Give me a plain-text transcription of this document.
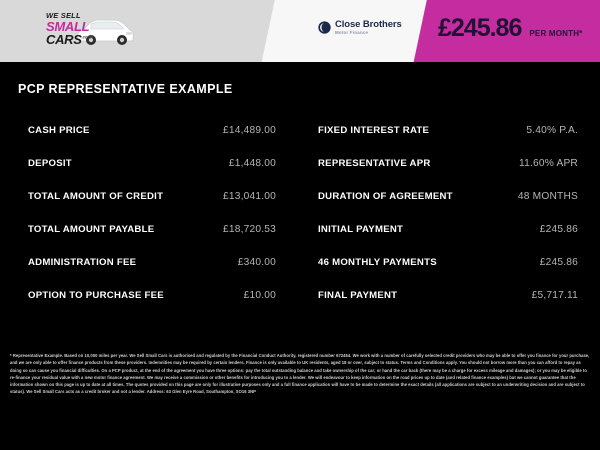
WE SELL
SMALL
$CARS^{.co.uk}$
Close Brothers
Motor Finance	£245.86 PER MONTH*
PCP REPRESENTATIVE EXAMPLE
CASH PRICE	£14,489.00	FIXED INTEREST RATE	5.40% P.A.
DEPOSIT	£1,448.00	REPRESENTATIVE APR	11.60% APR
TOTAL AMOUNT OF CREDIT	£13,041.00	DURATION OF AGREEMENT	48 MONTHS
TOTAL AMOUNT PAYABLE	£18,720.53	INITIAL PAYMENT	£245.86
ADMINISTRATION FEE	£340.00	46 MONTHLY PAYMENTS	£245.86
OPTION TO PURCHASE FEE	£10.00	FINAL PAYMENT	£5,717.11
* Representative Example. Based on 10,000 miles per year. We Sell Small Cars is authorised and regulated by the Financial Conduct Authority, registered number 672464. We work with a number of carefully selected credit providers who may be able to offer you finance for your purchase, and we are only able to offer finance products from these providers. Indemnities may be required by certain lenders. Finance is only available to UK residents, aged 18 or over, subject to status. Terms and Conditions apply. You should not borrow more than you can afford to repay as doing so can cause you financial difficulties. On a PCP product, at the end of the agreement you have three options: pay the total outstanding balance and take ownership of the car; or hand the car back (there may be a charge for excess mileage and damages); or you may be eligible to re-finance your residual value with a new motor finance agreement. We may receive a commission or other benefits for introducing you to a lender. We will endeavour to keep information on the road prices up to date (and related finance examples) but we cannot guarantee that the information shown on this page is up to date at all times. The quotes provided on this page are only for illustrative purposes only and a full finance application will have to be made to determine the exact details (all applications are subject to an underwriting decision and are subject to status). We Sell Small Cars acts as a credit broker and not a lender. Address: 63 Glen Eyre Road, Southampton, SO16 3NP
